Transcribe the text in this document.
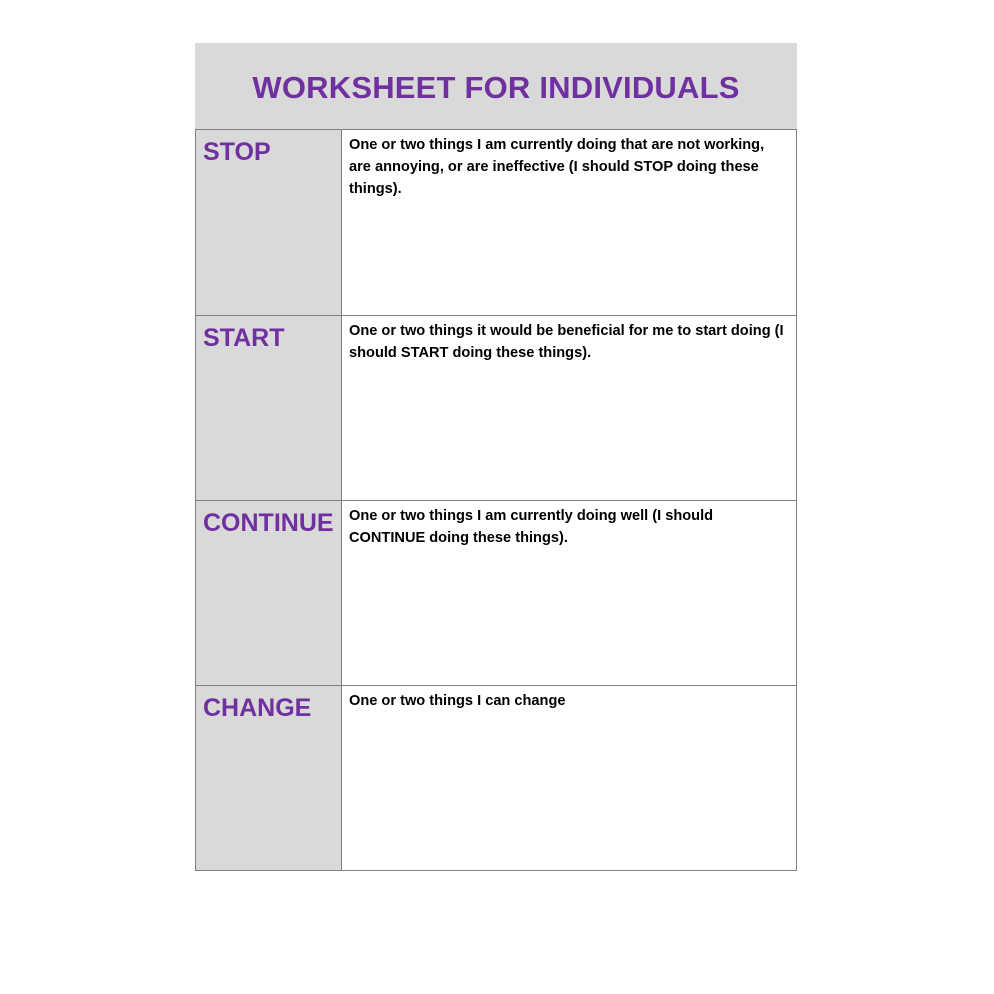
WORKSHEET FOR INDIVIDUALS
STOP	One or two things I am currently doing that are not working, are annoying, or are ineffective (I should STOP doing these things).

START	One or two things it would be beneficial for me to start doing (I should START doing these things).

CONTINUE	One or two things I am currently doing well (I should CONTINUE doing these things).

CHANGE	One or two things I can change
